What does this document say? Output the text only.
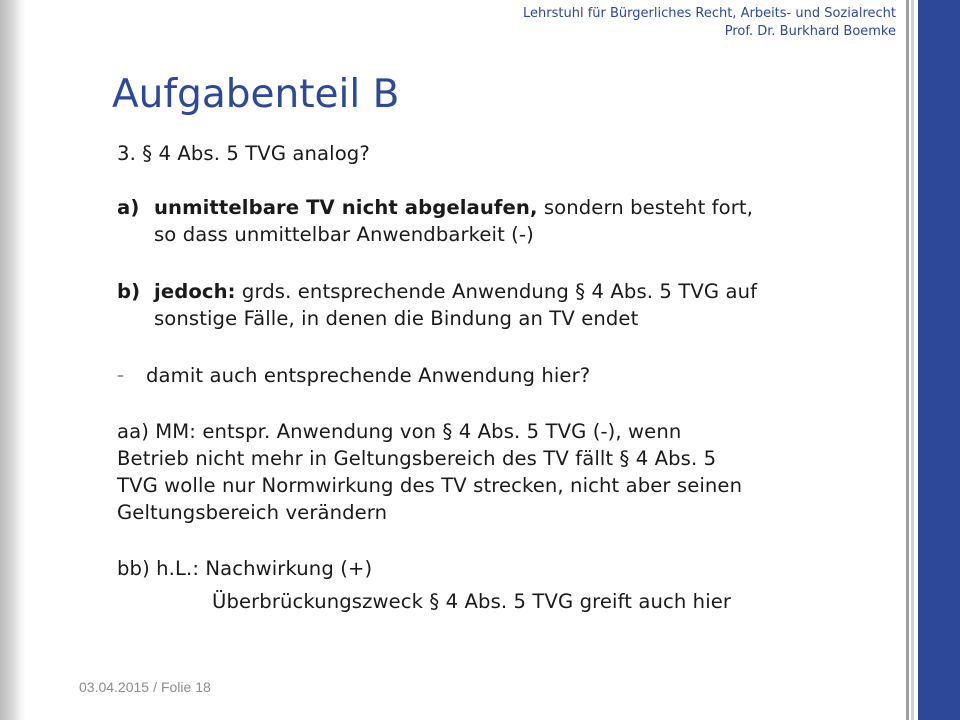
Lehrstuhl für Bürgerliches Recht, Arbeits- und Sozialrecht
Prof. Dr. Burkhard Boemke
Aufgabenteil B
3. § 4 Abs. 5 TVG analog?
a) unmittelbare TV nicht abgelaufen, sondern besteht fort,
so dass unmittelbar Anwendbarkeit (-)
b) jedoch: grds. entsprechende Anwendung § 4 Abs. 5 TVG auf
sonstige Fälle, in denen die Bindung an TV endet
–	damit auch entsprechende Anwendung hier?
aa) MM: entspr. Anwendung von § 4 Abs. 5 TVG (-), wenn
Betrieb nicht mehr in Geltungsbereich des TV fällt § 4 Abs. 5
TVG wolle nur Normwirkung des TV strecken, nicht aber seinen
Geltungsbereich verändern
bb) h.L.: Nachwirkung (+)
Überbrückungszweck § 4 Abs. 5 TVG greift auch hier
03.04.2015 / Folie 18
